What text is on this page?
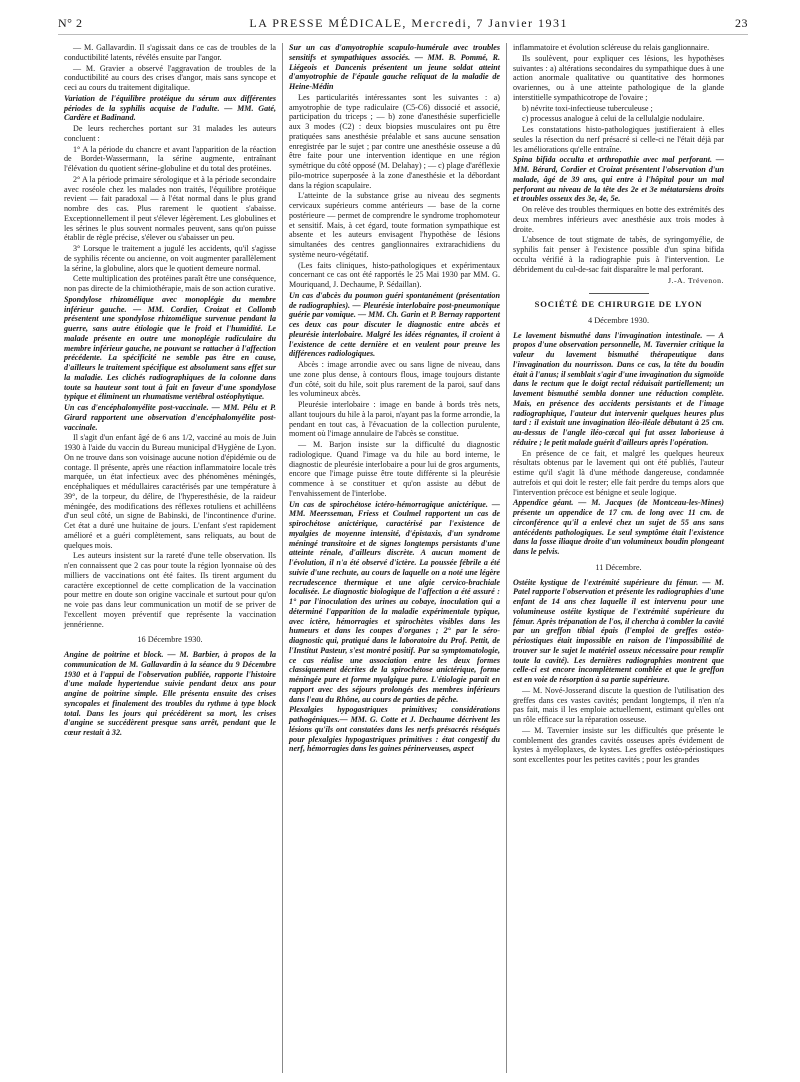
N° 2	LA PRESSE MÉDICALE, Mercredi, 7 Janvier 1931	23

— M. Gallavardin. Il s'agissait dans ce cas de troubles de la conductibilité latents, révélés ensuite par l'angor.

— M. Gravier a observé l'aggravation de troubles de la conductibilité au cours des crises d'angor, mais sans syncope et ceci au cours du traitement digitalique.

Variation de l'équilibre protéique du sérum aux différentes périodes de la syphilis acquise de l'adulte. — MM. Gaté, Cardère et Badinand.

De leurs recherches portant sur 31 malades les auteurs concluent :

1° A la période du chancre et avant l'apparition de la réaction de Bordet-Wassermann, la sérine augmente, entraînant l'élévation du quotient sérine-globuline et du total des protéines.

2° A la période primaire sérologique et à la période secondaire avec roséole chez les malades non traités, l'équilibre protéique revient — fait paradoxal — à l'état normal dans le plus grand nombre des cas. Plus rarement le quotient s'abaisse. Exceptionnellement il peut s'élever légèrement. Les globulines et les sérines le plus souvent normales peuvent, sans qu'on puisse établir de règle précise, s'élever ou s'abaisser un peu.

3° Lorsque le traitement a jugulé les accidents, qu'il s'agisse de syphilis récente ou ancienne, on voit augmenter parallèlement la sérine, la globuline, alors que le quotient demeure normal.

Cette multiplication des protéines paraît être une conséquence, non pas directe de la chimiothérapie, mais de son action curative.

Spondylose rhizomélique avec monoplégie du membre inférieur gauche. — MM. Cordier, Croizat et Collomb présentent une spondylose rhizomélique survenue pendant la guerre, sans autre étiologie que le froid et l'humidité. Le malade présente en outre une monoplégie radiculaire du membre inférieur gauche, ne pouvant se rattacher à l'affection précédente. La spécificité ne semble pas être en cause, d'ailleurs le traitement spécifique est absolument sans effet sur la maladie. Les clichés radiographiques de la colonne dans toute sa hauteur sont tout à fait en faveur d'une spondylose typique et éliminent un rhumatisme vertébral ostéophytique.

Un cas d'encéphalomyélite post-vaccinale. — MM. Pélu et P. Girard rapportent une observation d'encéphalomyélite post-vaccinale.

Il s'agit d'un enfant âgé de 6 ans 1/2, vacciné au mois de Juin 1930 à l'aide du vaccin du Bureau municipal d'Hygiène de Lyon. On ne trouve dans son voisinage aucune notion d'épidémie ou de contage. Il présente, après une réaction inflammatoire locale très marquée, un état infectieux avec des phénomènes méningés, encéphaliques et médullaires caractérisés par une température à 39°, de la torpeur, du délire, de l'hyperesthésie, de la raideur méningée, des modifications des réflexes rotuliens et achilléens d'un seul côté, un signe de Babinski, de l'incontinence d'urine. Cet état a duré une huitaine de jours. L'enfant s'est rapidement amélioré et a guéri complètement, sans reliquats, au bout de quelques mois.

Les auteurs insistent sur la rareté d'une telle observation. Ils n'en connaissent que 2 cas pour toute la région lyonnaise où des milliers de vaccinations ont été faites. Ils tirent argument du caractère exceptionnel de cette complication de la vaccination pour mettre en doute son origine vaccinale et surtout pour qu'on ne voie pas dans leur communication un motif de se priver de l'excellent moyen préventif que représente la vaccination jennérienne.

16 Décembre 1930.

Angine de poitrine et block. — M. Barbier, à propos de la communication de M. Gallavardin à la séance du 9 Décembre 1930 et à l'appui de l'observation publiée, rapporte l'histoire d'une malade hypertendue suivie pendant deux ans pour angine de poitrine simple. Elle présenta ensuite des crises syncopales et finalement des troubles du rythme à type block total. Dans les jours qui précédèrent sa mort, les crises d'angine se succédèrent presque sans arrêt, pendant que le cœur restait à 32.

Sur un cas d'amyotrophie scapulo-humérale avec troubles sensitifs et sympathiques associés. — MM. B. Pommé, R. Liégeois et Dancenis présentent un jeune soldat atteint d'amyotrophie de l'épaule gauche reliquat de la maladie de Heine-Médin

Les particularités intéressantes sont les suivantes : a) amyotrophie de type radiculaire (C5-C6) dissocié et associé, participation du triceps ; — b) zone d'anesthésie superficielle aux 3 modes (C2) : deux biopsies musculaires ont pu être pratiquées sans anesthésie préalable et sans aucune sensation enregistrée par le sujet ; par contre une anesthésie osseuse a dû être faite pour une intervention identique en une région symétrique du côté opposé (M. Delahay) ; — c) plage d'aréflexie pilo-motrice superposée à la zone d'anesthésie et la débordant dans la région scapulaire.

L'atteinte de la substance grise au niveau des segments cervicaux supérieurs comme antérieurs — base de la corne postérieure — permet de comprendre le syndrome trophomoteur et sensitif. Mais, à cet égard, toute formation sympathique est absente et les auteurs envisagent l'hypothèse de lésions simultanées des centres ganglionnaires extrarachidiens du système neuro-végétatif.

(Les faits cliniques, histo-pathologiques et expérimentaux concernant ce cas ont été rapportés le 25 Mai 1930 par MM. G. Mouriquand, J. Dechaume, P. Sédaillan).

Un cas d'abcès du poumon guéri spontanément (présentation de radiographies). — Pleurésie interlobaire post-pneumonique guérie par vomique. — MM. Ch. Garin et P. Bernay rapportent ces deux cas pour discuter le diagnostic entre abcès et pleurésie interlobaire. Malgré les idées régnantes, il croient à l'existence de cette dernière et en veulent pour preuve les différences radiologiques.

Abcès : image arrondie avec ou sans ligne de niveau, dans une zone plus dense, à contours flous, image toujours distante d'un côté, soit du hile, soit plus rarement de la paroi, sauf dans les volumineux abcès.

Pleurésie interlobaire : image en bande à bords très nets, allant toujours du hile à la paroi, n'ayant pas la forme arrondie, la pendant en tout cas, à l'évacuation de la collection purulente, moment où l'image annulaire de l'abcès se constitue.

— M. Barjon insiste sur la difficulté du diagnostic radiologique. Quand l'image va du hile au bord interne, le diagnostic de pleurésie interlobaire a pour lui de gros arguments, encore que l'image puisse être toute différente si la pleurésie commence à se constituer et qu'on assiste au début de l'envahissement de l'interlobe.

Un cas de spirochétose ictéro-hémorragique anictérique. — MM. Meersseman, Friess et Coulmel rapportent un cas de spirochétose anictérique, caractérisé par l'existence de myalgies de moyenne intensité, d'épistaxis, d'un syndrome méningé transitoire et de signes longtemps persistants d'une atteinte rénale, d'ailleurs discrète. A aucun moment de l'évolution, il n'a été observé d'ictère. La poussée fébrile a été suivie d'une rechute, au cours de laquelle on a noté une légère recrudescence thermique et une algie cervico-brachiale localisée. Le diagnostic biologique de l'affection a été assuré : 1° par l'inoculation des urines au cobaye, inoculation qui a déterminé l'apparition de la maladie expérimentale typique, avec ictère, hémorragies et spirochètes visibles dans les humeurs et dans les coupes d'organes ; 2° par le séro-diagnostic qui, pratiqué dans le laboratoire du Prof. Pettit, de l'Institut Pasteur, s'est montré positif. Par sa symptomatologie, ce cas réalise une association entre les deux formes classiquement décrites de la spirochétose anictérique, forme méningée pure et forme myalgique pure. L'étiologie paraît en rapport avec des séjours prolongés des membres inférieurs dans l'eau du Rhône, au cours de parties de pêche.

Plexalgies hypogastriques primitives; considérations pathogéniques.— MM. G. Cotte et J. Dechaume décrivent les lésions qu'ils ont constatées dans les nerfs présacrés réséqués pour plexalgies hypogastriques primitives : état congestif du nerf, hémorragies dans les gaines périnerveuses, aspect

inflammatoire et évolution scléreuse du relais ganglionnaire.

Ils soulèvent, pour expliquer ces lésions, les hypothèses suivantes : a) altérations secondaires du sympathique dues à une action anormale qualitative ou quantitative des hormones ovariennes, ou à une atteinte pathologique de la glande interstitielle sympathicotrope de l'ovaire ;

b) névrite toxi-infectieuse tuberculeuse ;

c) processus analogue à celui de la cellulalgie nodulaire.

Les constatations histo-pathologiques justifieraient à elles seules la résection du nerf présacré si celle-ci ne l'était déjà par les améliorations qu'elle entraîne.

Spina bifida occulta et arthropathie avec mal perforant. — MM. Bérard, Cordier et Croizat présentent l'observation d'un malade, âgé de 39 ans, qui entre à l'hôpital pour un mal perforant au niveau de la tête des 2e et 3e métatarsiens droits et troubles osseux des 3e, 4e, 5e.

On relève des troubles thermiques en botte des extrémités des deux membres inférieurs avec anesthésie aux trois modes à droite.

L'absence de tout stigmate de tabès, de syringomyélie, de syphilis fait penser à l'existence possible d'un spina bifida occulta vérifié à la radiographie puis à l'intervention. Le débridement du cul-de-sac fait disparaître le mal perforant.

J.-A. Trévenon.
SOCIÉTÉ DE CHIRURGIE DE LYON
4 Décembre 1930.

Le lavement bismuthé dans l'invagination intestinale. — A propos d'une observation personnelle, M. Tavernier critique la valeur du lavement bismuthé thérapeutique dans l'invagination du nourrisson. Dans ce cas, la tête du boudin était à l'anus; il semblait s'agir d'une invagination du sigmoïde dans le rectum que le doigt rectal réduisait partiellement; un lavement bismuthé sembla donner une réduction complète. Mais, en présence des accidents persistants et de l'image radiographique, l'auteur dut intervenir quelques heures plus tard : il existait une invagination iléo-iléale débutant à 25 cm. au-dessus de l'angle iléo-cæcal qui fut assez laborieuse à réduire ; le petit malade guérit d'ailleurs après l'opération.

En présence de ce fait, et malgré les quelques heureux résultats obtenus par le lavement qui ont été publiés, l'auteur estime qu'il s'agit là d'une méthode dangereuse, condamnée autrefois et qui doit le rester; elle fait perdre du temps alors que l'intervention précoce est bénigne et seule logique.

Appendice géant. — M. Jacques (de Montceau-les-Mines) présente un appendice de 17 cm. de long avec 11 cm. de circonférence qu'il a enlevé chez un sujet de 55 ans sans antécédents pathologiques. Le seul symptôme était l'existence dans la fosse iliaque droite d'un volumineux boudin plongeant dans le pelvis.

11 Décembre.

Ostéite kystique de l'extrémité supérieure du fémur. — M. Patel rapporte l'observation et présente les radiographies d'une enfant de 14 ans chez laquelle il est intervenu pour une volumineuse ostéite kystique de l'extrémité supérieure du fémur. Après trépanation de l'os, il chercha à combler la cavité par un greffon tibial épais (l'emploi de greffes ostéo-périostiques était impossible en raison de l'impossibilité de trouver sur le sujet le matériel osseux nécessaire pour remplir toute la cavité). Les dernières radiographies montrent que celle-ci est encore incomplètement comblée et que le greffon est en voie de résorption à sa partie supérieure.

— M. Nové-Josserand discute la question de l'utilisation des greffes dans ces vastes cavités; pendant longtemps, il n'en n'a pas fait, mais il les emploie actuellement, estimant qu'elles ont un rôle efficace sur la réparation osseuse.

— M. Tavernier insiste sur les difficultés que présente le comblement des grandes cavités osseuses après évidement de kystes à myéloplaxes, de kystes. Les greffes ostéo-périostiques sont excellentes pour les petites cavités ; pour les grandes
